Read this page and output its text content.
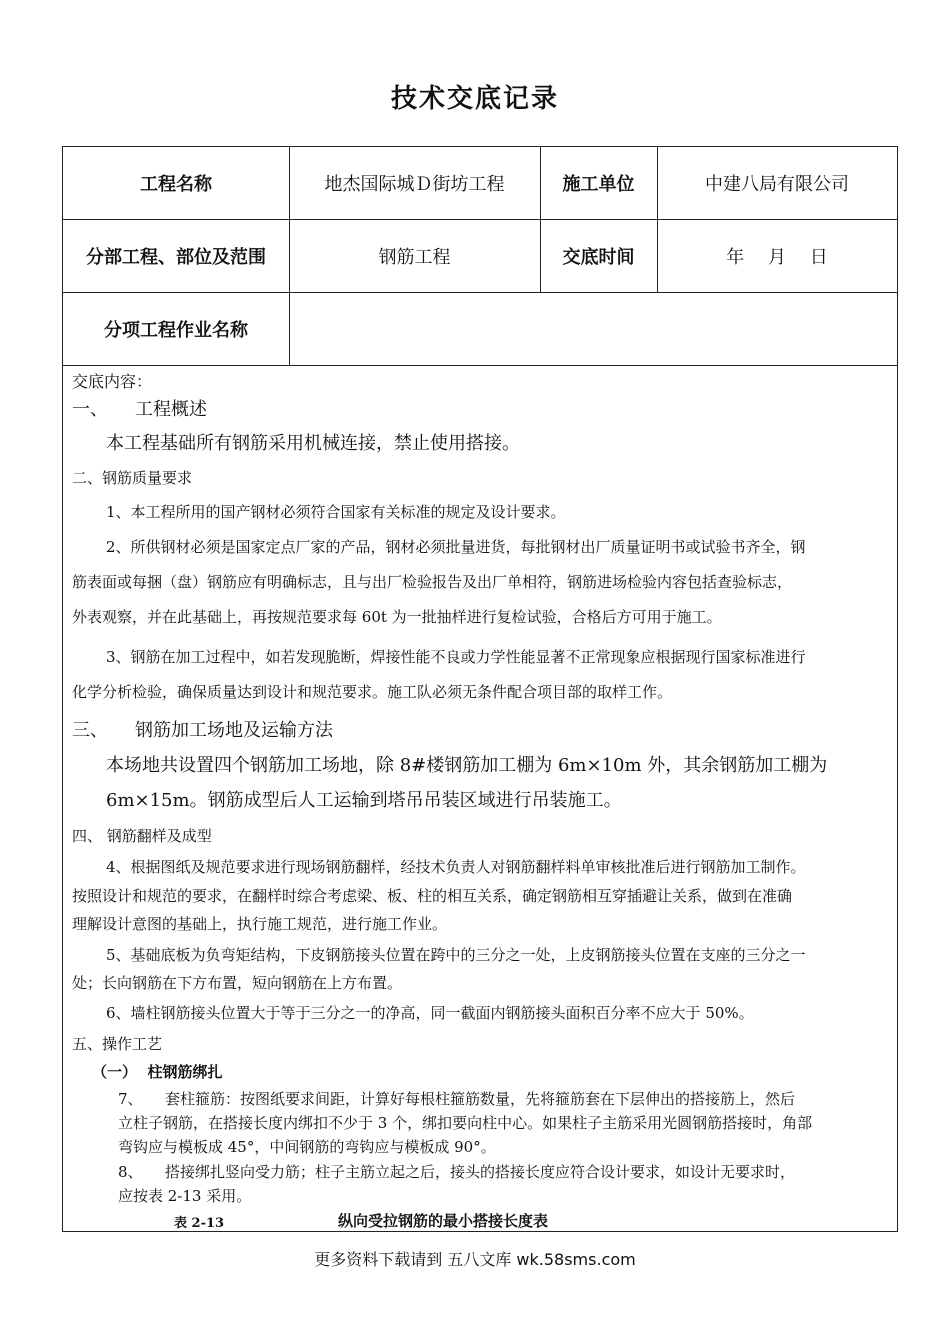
技术交底记录
工程名称	地杰国际城Ｄ街坊工程	施工单位	中建八局有限公司
分部工程、部位及范围	钢筋工程	交底时间	年　 月 　日
分项工程作业名称
交底内容：
一、　　工程概述
本工程基础所有钢筋采用机械连接，禁止使用搭接。
二、钢筋质量要求
1、本工程所用的国产钢材必须符合国家有关标准的规定及设计要求。
2、所供钢材必须是国家定点厂家的产品，钢材必须批量进货，每批钢材出厂质量证明书或试验书齐全，钢
筋表面或每捆（盘）钢筋应有明确标志，且与出厂检验报告及出厂单相符，钢筋进场检验内容包括查验标志，
外表观察，并在此基础上，再按规范要求每 60t 为一批抽样进行复检试验，合格后方可用于施工。
3、钢筋在加工过程中，如若发现脆断，焊接性能不良或力学性能显著不正常现象应根据现行国家标准进行
化学分析检验，确保质量达到设计和规范要求。施工队必须无条件配合项目部的取样工作。
三、　　钢筋加工场地及运输方法
本场地共设置四个钢筋加工场地，除 8#楼钢筋加工棚为 6m×10m 外，其余钢筋加工棚为
6m×15m。钢筋成型后人工运输到塔吊吊装区域进行吊装施工。
四、 钢筋翻样及成型
4、根据图纸及规范要求进行现场钢筋翻样，经技术负责人对钢筋翻样料单审核批准后进行钢筋加工制作。
按照设计和规范的要求，在翻样时综合考虑梁、板、柱的相互关系，确定钢筋相互穿插避让关系，做到在准确
理解设计意图的基础上，执行施工规范，进行施工作业。
5、基础底板为负弯矩结构，下皮钢筋接头位置在跨中的三分之一处，上皮钢筋接头位置在支座的三分之一
处；长向钢筋在下方布置，短向钢筋在上方布置。
6、墙柱钢筋接头位置大于等于三分之一的净高，同一截面内钢筋接头面积百分率不应大于 50%。
五、操作工艺
（一）  柱钢筋绑扎
7、　　套柱箍筋：按图纸要求间距，计算好每根柱箍筋数量，先将箍筋套在下层伸出的搭接筋上，然后
立柱子钢筋，在搭接长度内绑扣不少于 3 个，绑扣要向柱中心。如果柱子主筋采用光圆钢筋搭接时，角部
弯钩应与模板成 45°，中间钢筋的弯钩应与模板成 90°。
8、　　搭接绑扎竖向受力筋；柱子主筋立起之后，接头的搭接长度应符合设计要求，如设计无要求时，
应按表 2-13 采用。
表 2-13	纵向受拉钢筋的最小搭接长度表
更多资料下载请到 五八文库 wk.58sms.com
